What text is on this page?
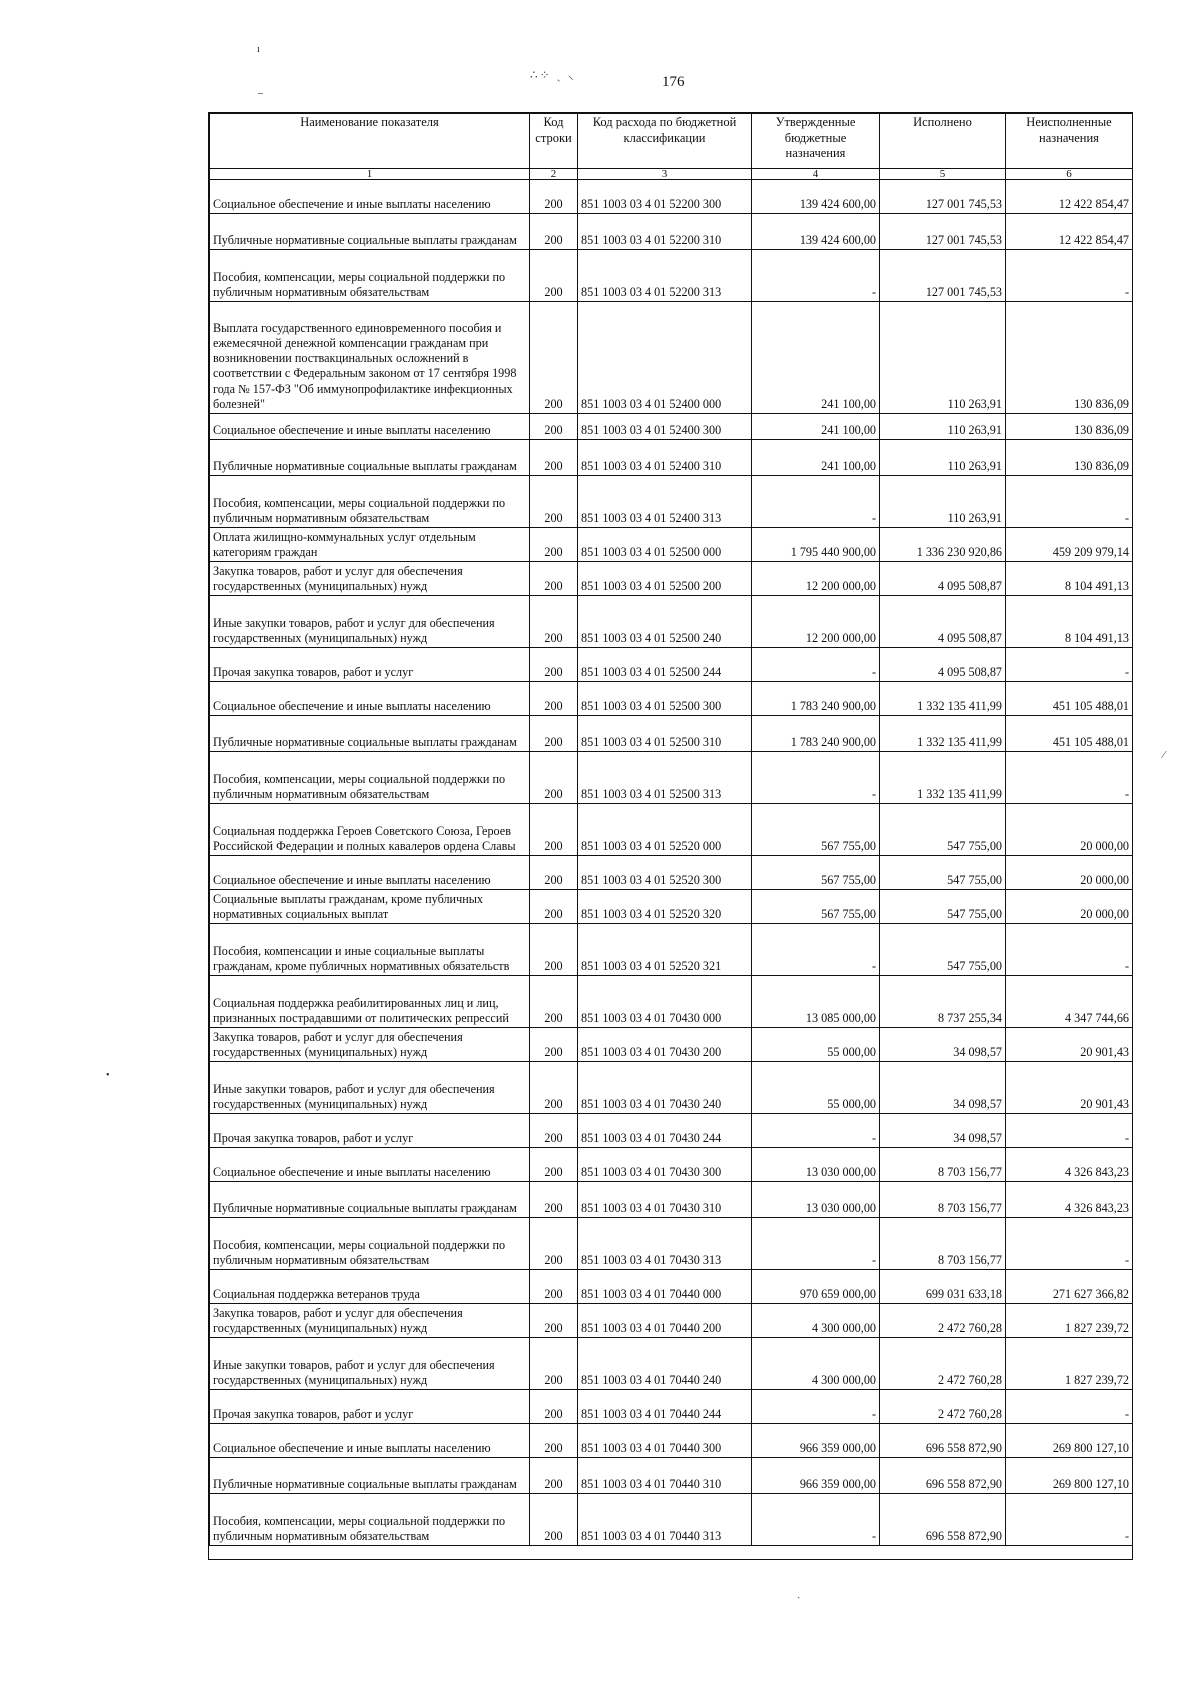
176
∴⁘ ˎ ⸜
ı
–
•
⁄
ˏ
Наименование показателя	Код строки	Код расхода по бюджетной классификации	Утвержденные бюджетные назначения	Исполнено	Неисполненные назначения
1	2	3	4	5	6
Социальное обеспечение и иные выплаты населению	200	851 1003 03 4 01 52200 300	139 424 600,00	127 001 745,53	12 422 854,47
Публичные нормативные социальные выплаты гражданам	200	851 1003 03 4 01 52200 310	139 424 600,00	127 001 745,53	12 422 854,47
Пособия, компенсации, меры социальной поддержки по публичным нормативным обязательствам	200	851 1003 03 4 01 52200 313	-	127 001 745,53	-
Выплата государственного единовременного пособия и ежемесячной денежной компенсации гражданам при возникновении поствакцинальных осложнений в соответствии с Федеральным законом от 17 сентября 1998 года № 157-ФЗ "Об иммунопрофилактике инфекционных болезней"	200	851 1003 03 4 01 52400 000	241 100,00	110 263,91	130 836,09
Социальное обеспечение и иные выплаты населению	200	851 1003 03 4 01 52400 300	241 100,00	110 263,91	130 836,09
Публичные нормативные социальные выплаты гражданам	200	851 1003 03 4 01 52400 310	241 100,00	110 263,91	130 836,09
Пособия, компенсации, меры социальной поддержки по публичным нормативным обязательствам	200	851 1003 03 4 01 52400 313	-	110 263,91	-
Оплата жилищно-коммунальных услуг отдельным категориям граждан	200	851 1003 03 4 01 52500 000	1 795 440 900,00	1 336 230 920,86	459 209 979,14
Закупка товаров, работ и услуг для обеспечения государственных (муниципальных) нужд	200	851 1003 03 4 01 52500 200	12 200 000,00	4 095 508,87	8 104 491,13
Иные закупки товаров, работ и услуг для обеспечения государственных (муниципальных) нужд	200	851 1003 03 4 01 52500 240	12 200 000,00	4 095 508,87	8 104 491,13
Прочая закупка товаров, работ и услуг	200	851 1003 03 4 01 52500 244	-	4 095 508,87	-
Социальное обеспечение и иные выплаты населению	200	851 1003 03 4 01 52500 300	1 783 240 900,00	1 332 135 411,99	451 105 488,01
Публичные нормативные социальные выплаты гражданам	200	851 1003 03 4 01 52500 310	1 783 240 900,00	1 332 135 411,99	451 105 488,01
Пособия, компенсации, меры социальной поддержки по публичным нормативным обязательствам	200	851 1003 03 4 01 52500 313	-	1 332 135 411,99	-
Социальная поддержка Героев Советского Союза, Героев Российской Федерации и полных кавалеров ордена Славы	200	851 1003 03 4 01 52520 000	567 755,00	547 755,00	20 000,00
Социальное обеспечение и иные выплаты населению	200	851 1003 03 4 01 52520 300	567 755,00	547 755,00	20 000,00
Социальные выплаты гражданам, кроме публичных нормативных социальных выплат	200	851 1003 03 4 01 52520 320	567 755,00	547 755,00	20 000,00
Пособия, компенсации и иные социальные выплаты гражданам, кроме публичных нормативных обязательств	200	851 1003 03 4 01 52520 321	-	547 755,00	-
Социальная поддержка реабилитированных лиц и лиц, признанных пострадавшими от политических репрессий	200	851 1003 03 4 01 70430 000	13 085 000,00	8 737 255,34	4 347 744,66
Закупка товаров, работ и услуг для обеспечения государственных (муниципальных) нужд	200	851 1003 03 4 01 70430 200	55 000,00	34 098,57	20 901,43
Иные закупки товаров, работ и услуг для обеспечения государственных (муниципальных) нужд	200	851 1003 03 4 01 70430 240	55 000,00	34 098,57	20 901,43
Прочая закупка товаров, работ и услуг	200	851 1003 03 4 01 70430 244	-	34 098,57	-
Социальное обеспечение и иные выплаты населению	200	851 1003 03 4 01 70430 300	13 030 000,00	8 703 156,77	4 326 843,23
Публичные нормативные социальные выплаты гражданам	200	851 1003 03 4 01 70430 310	13 030 000,00	8 703 156,77	4 326 843,23
Пособия, компенсации, меры социальной поддержки по публичным нормативным обязательствам	200	851 1003 03 4 01 70430 313	-	8 703 156,77	-
Социальная поддержка ветеранов труда	200	851 1003 03 4 01 70440 000	970 659 000,00	699 031 633,18	271 627 366,82
Закупка товаров, работ и услуг для обеспечения государственных (муниципальных) нужд	200	851 1003 03 4 01 70440 200	4 300 000,00	2 472 760,28	1 827 239,72
Иные закупки товаров, работ и услуг для обеспечения государственных (муниципальных) нужд	200	851 1003 03 4 01 70440 240	4 300 000,00	2 472 760,28	1 827 239,72
Прочая закупка товаров, работ и услуг	200	851 1003 03 4 01 70440 244	-	2 472 760,28	-
Социальное обеспечение и иные выплаты населению	200	851 1003 03 4 01 70440 300	966 359 000,00	696 558 872,90	269 800 127,10
Публичные нормативные социальные выплаты гражданам	200	851 1003 03 4 01 70440 310	966 359 000,00	696 558 872,90	269 800 127,10
Пособия, компенсации, меры социальной поддержки по публичным нормативным обязательствам	200	851 1003 03 4 01 70440 313	-	696 558 872,90	-
